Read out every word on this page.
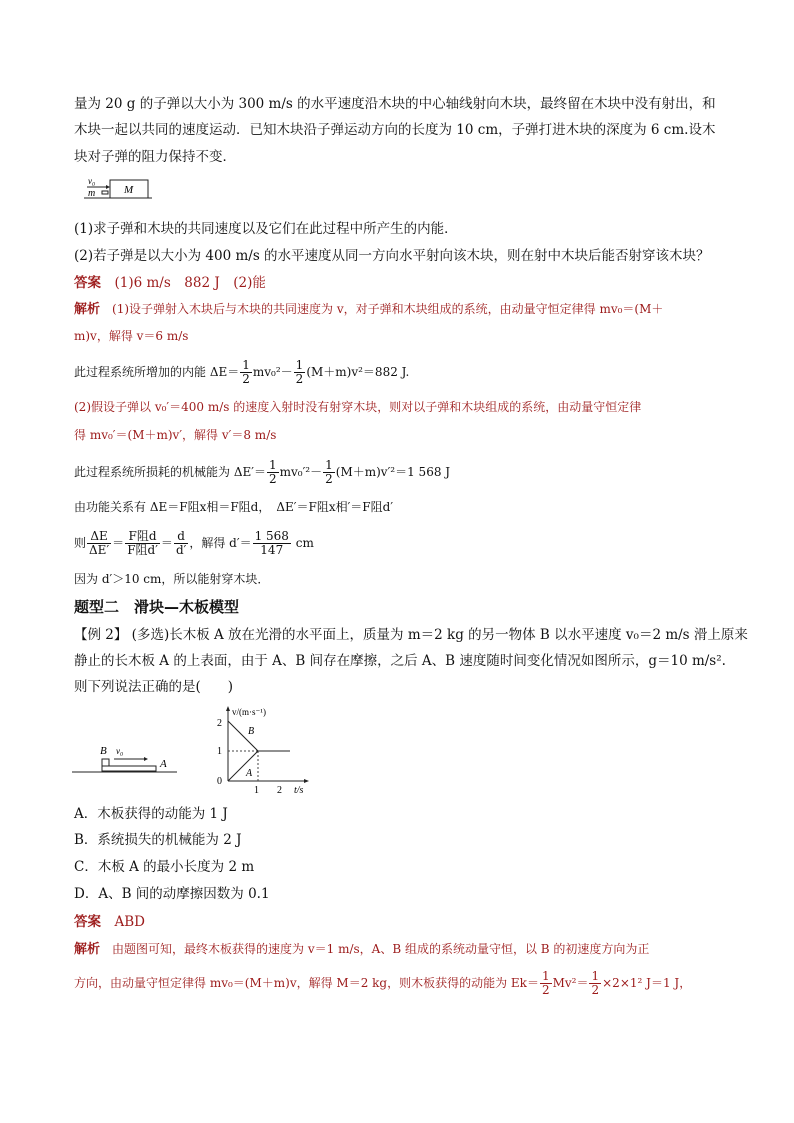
量为 20 g 的子弹以大小为 300 m/s 的水平速度沿木块的中心轴线射向木块，最终留在木块中没有射出，和
木块一起以共同的速度运动．已知木块沿子弹运动方向的长度为 10 cm，子弹打进木块的深度为 6 cm.设木
块对子弹的阻力保持不变．
v₀
m	M
(1)求子弹和木块的共同速度以及它们在此过程中所产生的内能．
(2)若子弹是以大小为 400 m/s 的水平速度从同一方向水平射向该木块，则在射中木块后能否射穿该木块？
答案　 (1)6 m/s　882 J　(2)能
解析　 (1)设子弹射入木块后与木块的共同速度为 v，对子弹和木块组成的系统，由动量守恒定律得 mv₀＝(M＋
m)v，解得 v＝6 m/s
此过程系统所增加的内能 $\Delta E= \frac{1}{2} mv_0^2- \frac{1}{2} (M+m)v^2=882$ J.
(2)假设子弹以 v₀′＝400 m/s 的速度入射时没有射穿木块，则对以子弹和木块组成的系统，由动量守恒定律
得 mv₀′＝(M＋m)v′，解得 v′＝8 m/s
此过程系统所损耗的机械能为 $\Delta E'= \frac{1}{2} mv_0'^2- \frac{1}{2} (M+m)v'^2=1$ 568 J
由功能关系有 ΔE＝F阻x相＝F阻d，　ΔE′＝F阻x相′＝F阻d′
则 $\frac{\Delta E}{\Delta E'} = \frac{\text{F阻d}}{\text{F阻d′}} = \frac{d}{d'}$ ，解得 $d'= \frac{1 568}{147}$ cm
因为 d′＞10 cm，所以能射穿木块．
题型二　滑块—木板模型
【例 2】 (多选)长木板 A 放在光滑的水平面上，质量为 m＝2 kg 的另一物体 B 以水平速度 v₀＝2 m/s 滑上原来
静止的长木板 A 的上表面，由于 A、B 间存在摩擦，之后 A、B 速度随时间变化情况如图所示，g＝10 m/s².
则下列说法正确的是(　　)
B v₀
A
v/(m·s⁻¹)
2
1
0
1 2 t/s
B
A
A．木板获得的动能为 1 J
B．系统损失的机械能为 2 J
C．木板 A 的最小长度为 2 m
D．A、B 间的动摩擦因数为 0.1
答案　 ABD
解析　 由题图可知，最终木板获得的速度为 v＝1 m/s，A、B 组成的系统动量守恒，以 B 的初速度方向为正
方向，由动量守恒定律得 mv₀＝(M＋m)v，解得 M＝2 kg，则木板获得的动能为 $Ek= \frac{1}{2} Mv^2= \frac{1}{2} \times 2\times 1^2$ J＝1 J，
